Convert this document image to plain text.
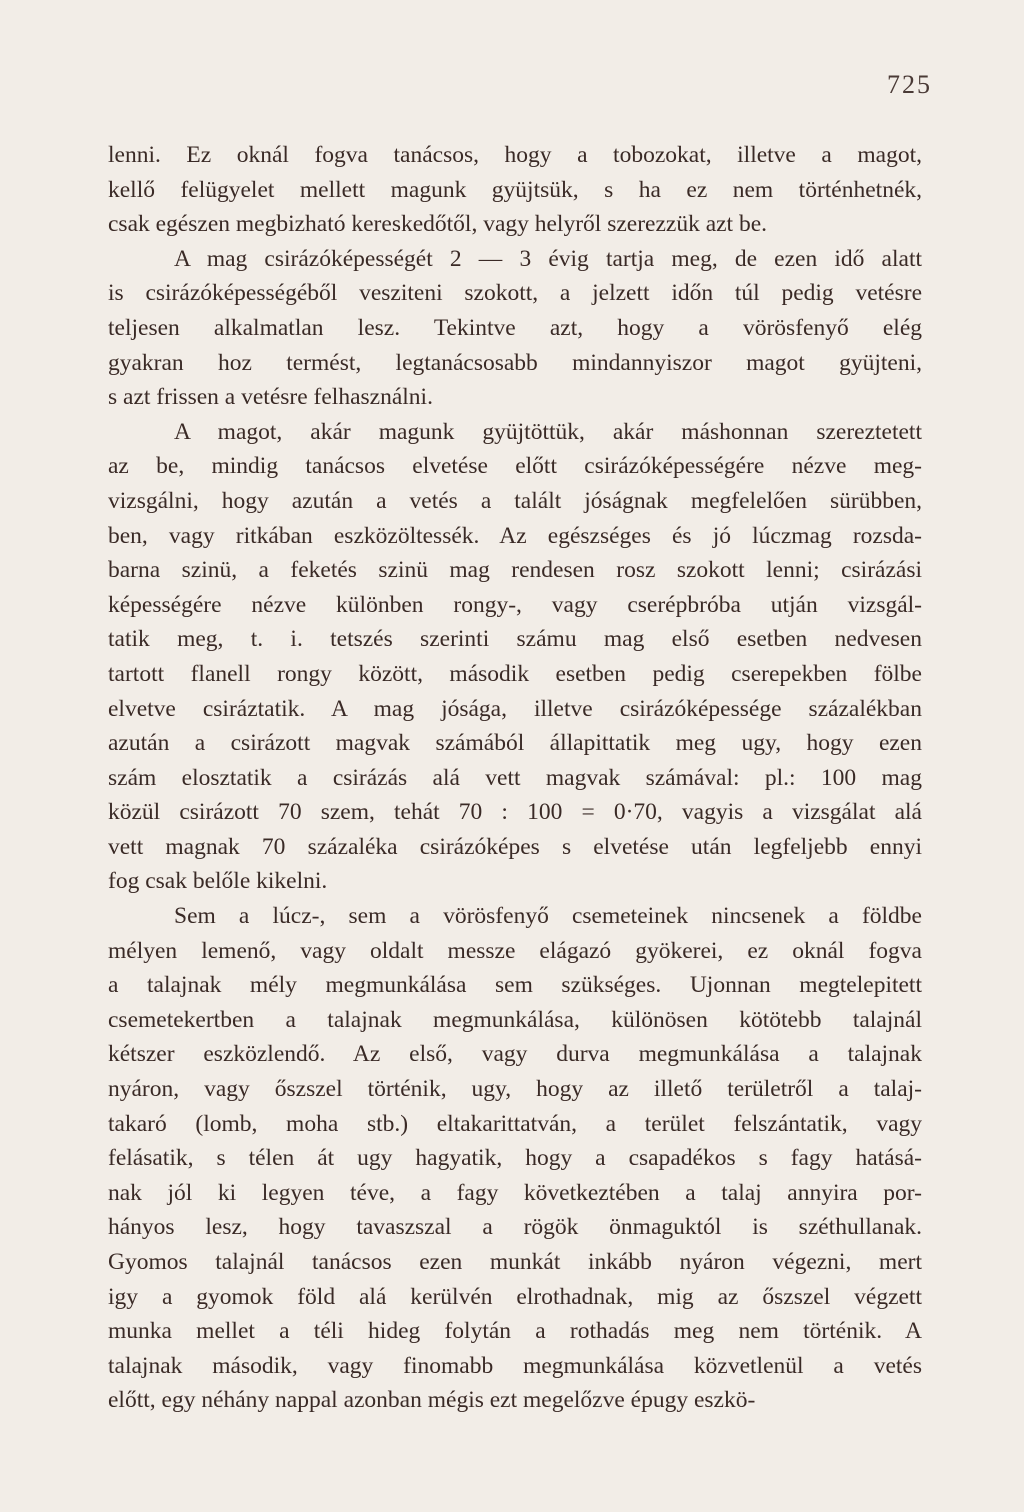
725
lenni. Ez oknál fogva tanácsos, hogy a tobozokat, illetve a magot,
kellő felügyelet mellett magunk gyüjtsük, s ha ez nem történhetnék,
csak egészen megbizható kereskedőtől, vagy helyről szerezzük azt be.
A mag csirázóképességét 2 — 3 évig tartja meg, de ezen idő alatt
is csirázóképességéből vesziteni szokott, a jelzett időn túl pedig vetésre
teljesen alkalmatlan lesz. Tekintve azt, hogy a vörösfenyő elég
gyakran hoz termést, legtanácsosabb mindannyiszor magot gyüjteni,
s azt frissen a vetésre felhasználni.
A magot, akár magunk gyüjtöttük, akár máshonnan szereztetett
az be, mindig tanácsos elvetése előtt csirázóképességére nézve meg-
vizsgálni, hogy azután a vetés a talált jóságnak megfelelően sürübben,
ben, vagy ritkában eszközöltessék. Az egészséges és jó lúczmag rozsda-
barna szinü, a feketés szinü mag rendesen rosz szokott lenni; csirázási
képességére nézve különben rongy-, vagy cserépbróba utján vizsgál-
tatik meg, t. i. tetszés szerinti számu mag első esetben nedvesen
tartott flanell rongy között, második esetben pedig cserepekben fölbe
elvetve csiráztatik. A mag jósága, illetve csirázóképessége százalékban
azután a csirázott magvak számából állapittatik meg ugy, hogy ezen
szám elosztatik a csirázás alá vett magvak számával: pl.: 100 mag
közül csirázott 70 szem, tehát 70 : 100 = 0·70, vagyis a vizsgálat alá
vett magnak 70 százaléka csirázóképes s elvetése után legfeljebb ennyi
fog csak belőle kikelni.
Sem a lúcz-, sem a vörösfenyő csemeteinek nincsenek a földbe
mélyen lemenő, vagy oldalt messze elágazó gyökerei, ez oknál fogva
a talajnak mély megmunkálása sem szükséges. Ujonnan megtelepitett
csemetekertben a talajnak megmunkálása, különösen kötötebb talajnál
kétszer eszközlendő. Az első, vagy durva megmunkálása a talajnak
nyáron, vagy őszszel történik, ugy, hogy az illető területről a talaj-
takaró (lomb, moha stb.) eltakarittatván, a terület felszántatik, vagy
felásatik, s télen át ugy hagyatik, hogy a csapadékos s fagy hatásá-
nak jól ki legyen téve, a fagy következtében a talaj annyira por-
hányos lesz, hogy tavaszszal a rögök önmaguktól is széthullanak.
Gyomos talajnál tanácsos ezen munkát inkább nyáron végezni, mert
igy a gyomok föld alá kerülvén elrothadnak, mig az őszszel végzett
munka mellet a téli hideg folytán a rothadás meg nem történik. A
talajnak második, vagy finomabb megmunkálása közvetlenül a vetés
előtt, egy néhány nappal azonban mégis ezt megelőzve épugy eszkö-
